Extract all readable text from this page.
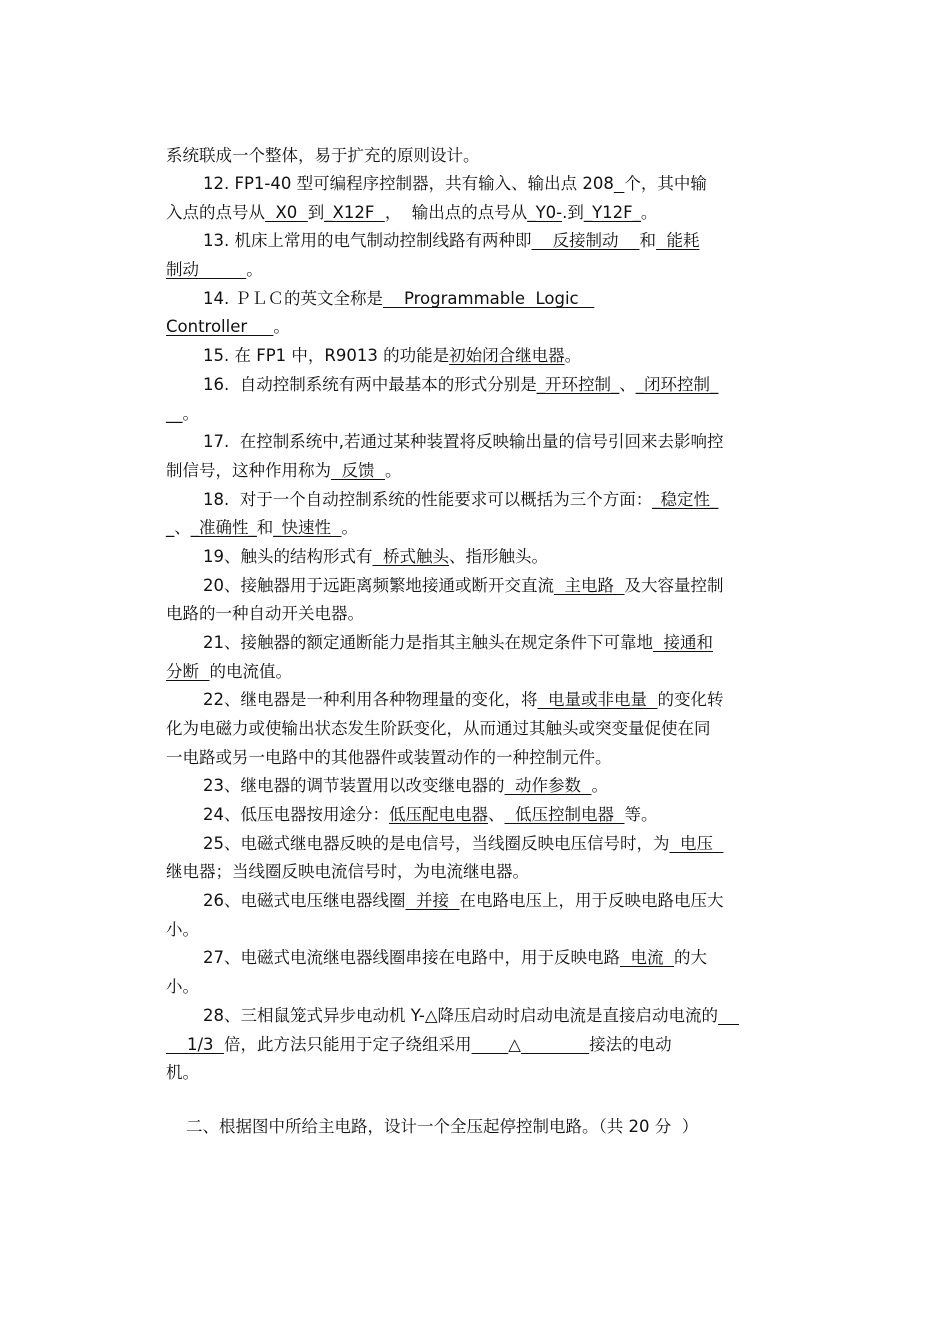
系统联成一个整体，易于扩充的原则设计。
12. FP1-40 型可编程序控制器，共有输入、输出点 208 个，其中输
入点的点号从  X0  到_X12F  ，  输出点的点号从_Y0-.到_Y12F_。
13. 机床上常用的电气制动控制线路有两种即    反接制动    和  能耗
制动         。
14. ＰＬＣ的英文全称是    Programmable  Logic
Controller     。
15. 在 FP1 中，R9013 的功能是初始闭合继电器。
16.  自动控制系统有两中最基本的形式分别是_开环控制_、_闭环控制_
__。
17.  在控制系统中,若通过某种装置将反映输出量的信号引回来去影响控
制信号，这种作用称为  反馈  。
18.  对于一个自动控制系统的性能要求可以概括为三个方面：_稳定性_
_、_准确性_和_快速性  。
19、触头的结构形式有  桥式触头、指形触头。
20、接触器用于远距离频繁地接通或断开交直流  主电路  及大容量控制
电路的一种自动开关电器。
21、接触器的额定通断能力是指其主触头在规定条件下可靠地  接通和
分断  的电流值。
22、继电器是一种利用各种物理量的变化，将  电量或非电量  的变化转
化为电磁力或使输出状态发生阶跃变化，从而通过其触头或突变量促使在同
一电路或另一电路中的其他器件或装置动作的一种控制元件。
23、继电器的调节装置用以改变继电器的  动作参数  。
24、低压电器按用途分：低压配电电器、  低压控制电器  等。
25、电磁式继电器反映的是电信号，当线圈反映电压信号时，为  电压
继电器；当线圈反映电流信号时，为电流继电器。
26、电磁式电压继电器线圈  并接  在电路电压上，用于反映电路电压大
小。
27、电磁式电流继电器线圈串接在电路中，用于反映电路  电流  的大
小。
28、三相鼠笼式异步电动机 Y-△降压启动时启动电流是直接启动电流的
1/3  倍，此方法只能用于定子绕组采用 △	接法的电动
机。
二、根据图中所给主电路，设计一个全压起停控制电路。（共 20 分  ）
